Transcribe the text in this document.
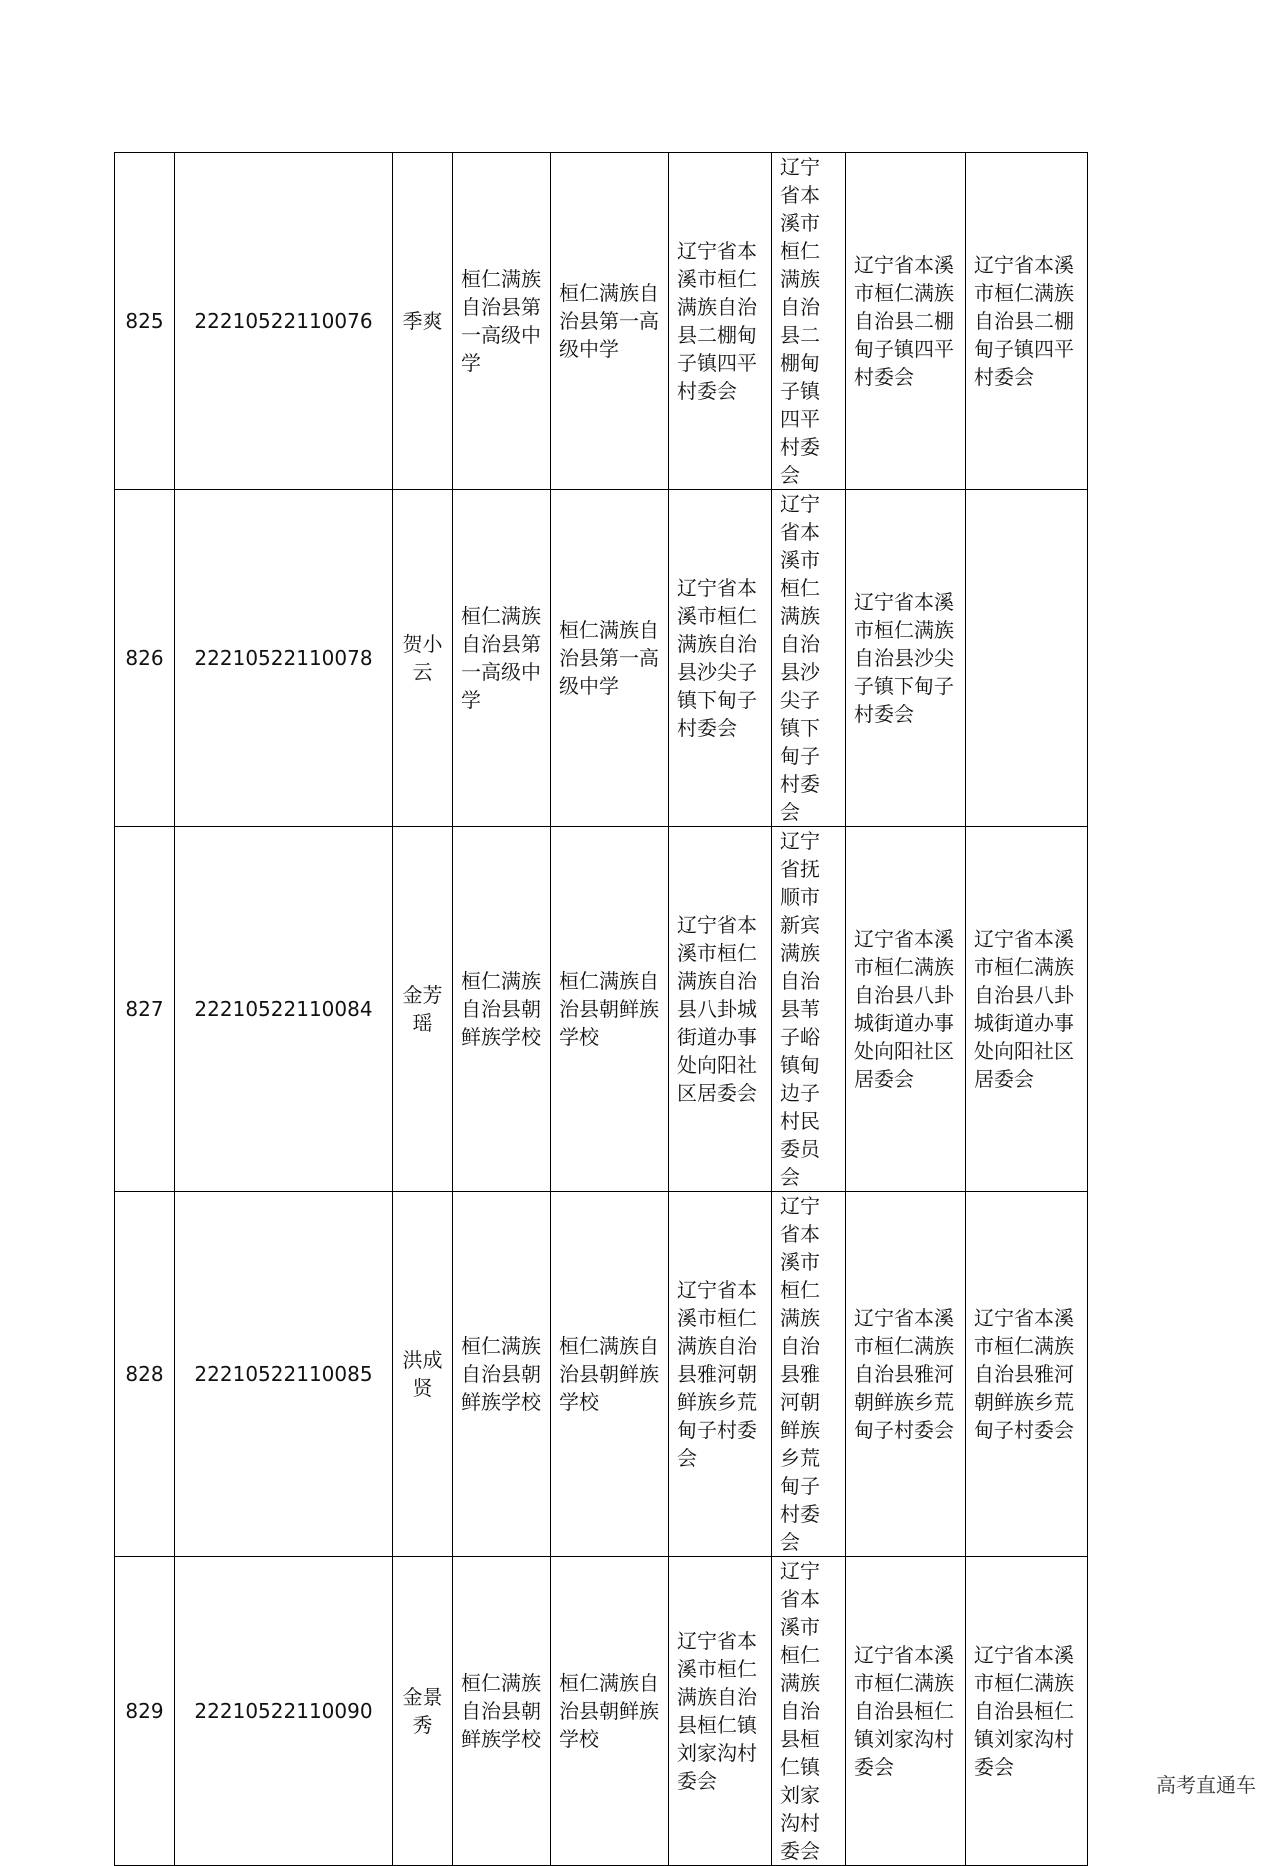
825	22210522110076	季爽	桓仁满族自治县第一高级中学	桓仁满族自治县第一高级中学	辽宁省本溪市桓仁满族自治县二棚甸子镇四平村委会	辽宁省本溪市桓仁满族自治县二棚甸子镇四平村委会	辽宁省本溪市桓仁满族自治县二棚甸子镇四平村委会	辽宁省本溪市桓仁满族自治县二棚甸子镇四平村委会
826	22210522110078	贺小云	桓仁满族自治县第一高级中学	桓仁满族自治县第一高级中学	辽宁省本溪市桓仁满族自治县沙尖子镇下甸子村委会	辽宁省本溪市桓仁满族自治县沙尖子镇下甸子村委会	辽宁省本溪市桓仁满族自治县沙尖子镇下甸子村委会	
827	22210522110084	金芳瑶	桓仁满族自治县朝鲜族学校	桓仁满族自治县朝鲜族学校	辽宁省本溪市桓仁满族自治县八卦城街道办事处向阳社区居委会	辽宁省抚顺市新宾满族自治县苇子峪镇甸边子村民委员会	辽宁省本溪市桓仁满族自治县八卦城街道办事处向阳社区居委会	辽宁省本溪市桓仁满族自治县八卦城街道办事处向阳社区居委会
828	22210522110085	洪成贤	桓仁满族自治县朝鲜族学校	桓仁满族自治县朝鲜族学校	辽宁省本溪市桓仁满族自治县雅河朝鲜族乡荒甸子村委会	辽宁省本溪市桓仁满族自治县雅河朝鲜族乡荒甸子村委会	辽宁省本溪市桓仁满族自治县雅河朝鲜族乡荒甸子村委会	辽宁省本溪市桓仁满族自治县雅河朝鲜族乡荒甸子村委会
829	22210522110090	金景秀	桓仁满族自治县朝鲜族学校	桓仁满族自治县朝鲜族学校	辽宁省本溪市桓仁满族自治县桓仁镇刘家沟村委会	辽宁省本溪市桓仁满族自治县桓仁镇刘家沟村委会	辽宁省本溪市桓仁满族自治县桓仁镇刘家沟村委会	辽宁省本溪市桓仁满族自治县桓仁镇刘家沟村委会
高考直通车
